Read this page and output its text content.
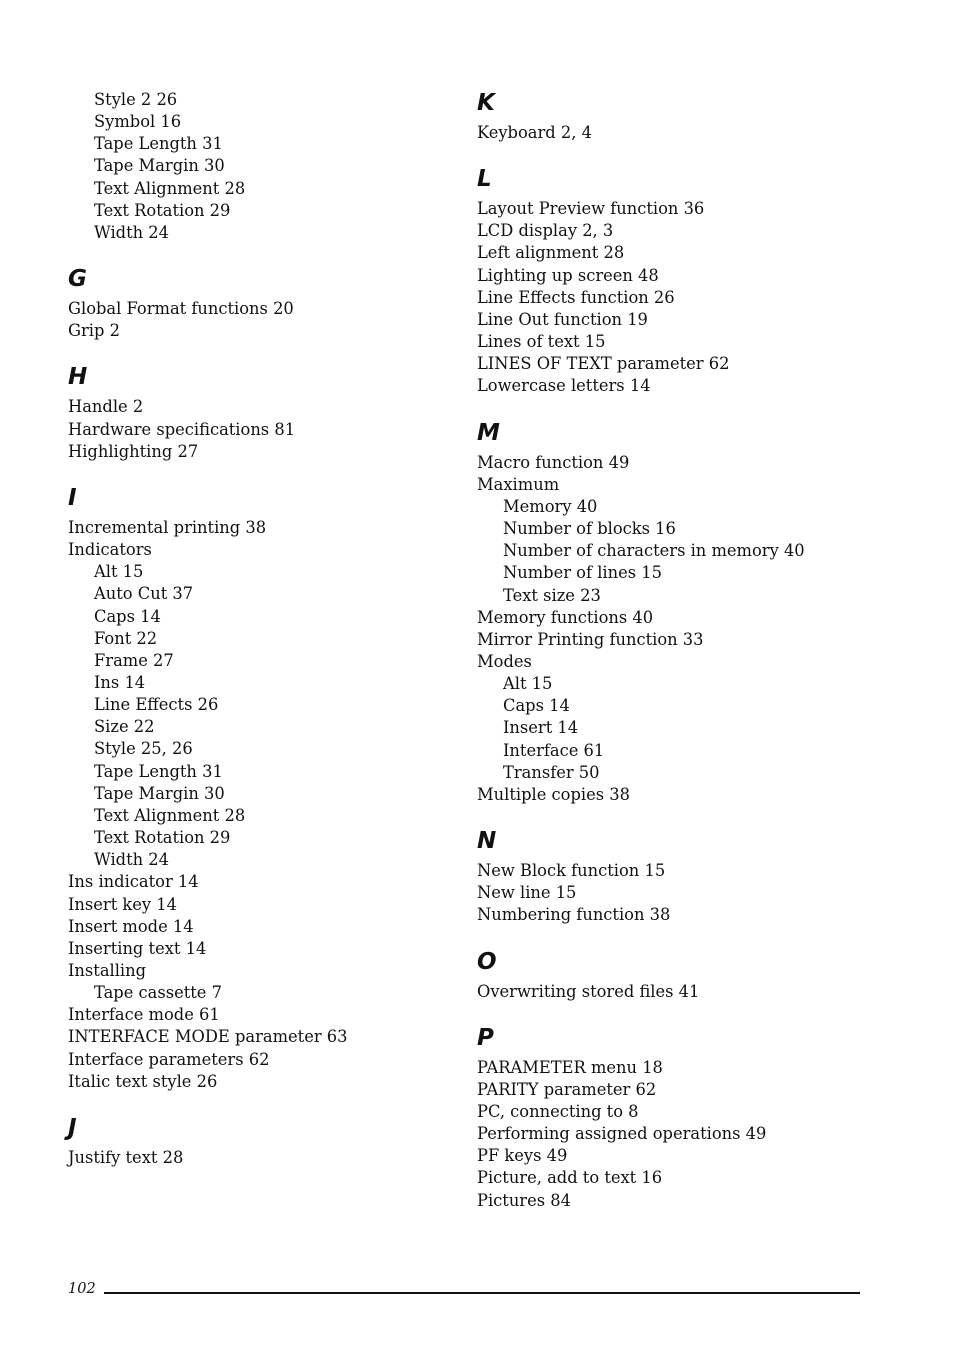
Style 2 26
Symbol 16
Tape Length 31
Tape Margin 30
Text Alignment 28
Text Rotation 29
Width 24
G
Global Format functions 20
Grip 2
H
Handle 2
Hardware specifications 81
Highlighting 27
I
Incremental printing 38
Indicators
Alt 15
Auto Cut 37
Caps 14
Font 22
Frame 27
Ins 14
Line Effects 26
Size 22
Style 25, 26
Tape Length 31
Tape Margin 30
Text Alignment 28
Text Rotation 29
Width 24
Ins indicator 14
Insert key 14
Insert mode 14
Inserting text 14
Installing
Tape cassette 7
Interface mode 61
INTERFACE MODE parameter 63
Interface parameters 62
Italic text style 26
J
Justify text 28
K
Keyboard 2, 4
L
Layout Preview function 36
LCD display 2, 3
Left alignment 28
Lighting up screen 48
Line Effects function 26
Line Out function 19
Lines of text 15
LINES OF TEXT parameter 62
Lowercase letters 14
M
Macro function 49
Maximum
Memory 40
Number of blocks 16
Number of characters in memory 40
Number of lines 15
Text size 23
Memory functions 40
Mirror Printing function 33
Modes
Alt 15
Caps 14
Insert 14
Interface 61
Transfer 50
Multiple copies 38
N
New Block function 15
New line 15
Numbering function 38
O
Overwriting stored files 41
P
PARAMETER menu 18
PARITY parameter 62
PC, connecting to 8
Performing assigned operations 49
PF keys 49
Picture, add to text 16
Pictures 84
102
